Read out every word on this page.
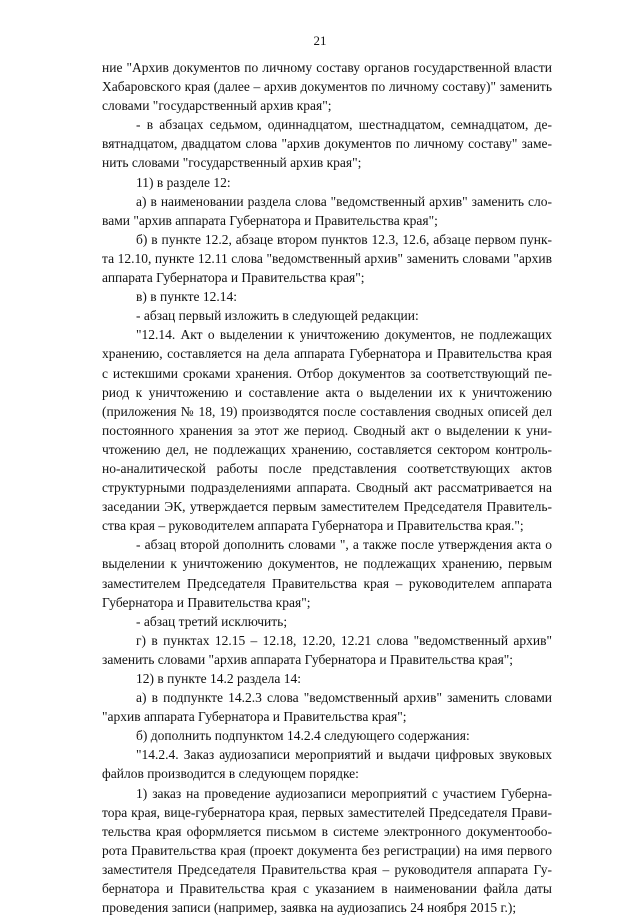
21
ние "Архив документов по личному составу органов государственной власти
Хабаровского края (далее – архив документов по личному составу)" заменить
словами "государственный архив края";
- в абзацах седьмом, одиннадцатом, шестнадцатом, семнадцатом, де-
вятнадцатом, двадцатом слова "архив документов по личному составу" заме-
нить словами "государственный архив края";
11) в разделе 12:
а) в наименовании раздела слова "ведомственный архив" заменить сло-
вами "архив аппарата Губернатора и Правительства края";
б) в пункте 12.2, абзаце втором пунктов 12.3, 12.6, абзаце первом пунк-
та 12.10, пункте 12.11 слова "ведомственный архив" заменить словами "архив
аппарата Губернатора и Правительства края";
в) в пункте 12.14:
- абзац первый изложить в следующей редакции:
"12.14. Акт о выделении к уничтожению документов, не подлежащих
хранению, составляется на дела аппарата Губернатора и Правительства края
с истекшими сроками хранения. Отбор документов за соответствующий пе-
риод к уничтожению и составление акта о выделении их к уничтожению
(приложения № 18, 19) производятся после составления сводных описей дел
постоянного хранения за этот же период. Сводный акт о выделении к уни-
чтожению дел, не подлежащих хранению, составляется сектором контроль-
но-аналитической работы после представления соответствующих актов
структурными подразделениями аппарата. Сводный акт рассматривается на
заседании ЭК, утверждается первым заместителем Председателя Правитель-
ства края – руководителем аппарата Губернатора и Правительства края.";
- абзац второй дополнить словами ", а также после утверждения акта о
выделении к уничтожению документов, не подлежащих хранению, первым
заместителем Председателя Правительства края – руководителем аппарата
Губернатора и Правительства края";
- абзац третий исключить;
г) в пунктах 12.15 – 12.18, 12.20, 12.21 слова "ведомственный архив"
заменить словами "архив аппарата Губернатора и Правительства края";
12) в пункте 14.2 раздела 14:
а) в подпункте 14.2.3 слова "ведомственный архив" заменить словами
"архив аппарата Губернатора и Правительства края";
б) дополнить подпунктом 14.2.4 следующего содержания:
"14.2.4. Заказ аудиозаписи мероприятий и выдачи цифровых звуковых
файлов производится в следующем порядке:
1) заказ на проведение аудиозаписи мероприятий с участием Губерна-
тора края, вице-губернатора края, первых заместителей Председателя Прави-
тельства края оформляется письмом в системе электронного документообо-
рота Правительства края (проект документа без регистрации) на имя первого
заместителя Председателя Правительства края – руководителя аппарата Гу-
бернатора и Правительства края с указанием в наименовании файла даты
проведения записи (например, заявка на аудиозапись 24 ноября 2015 г.);
